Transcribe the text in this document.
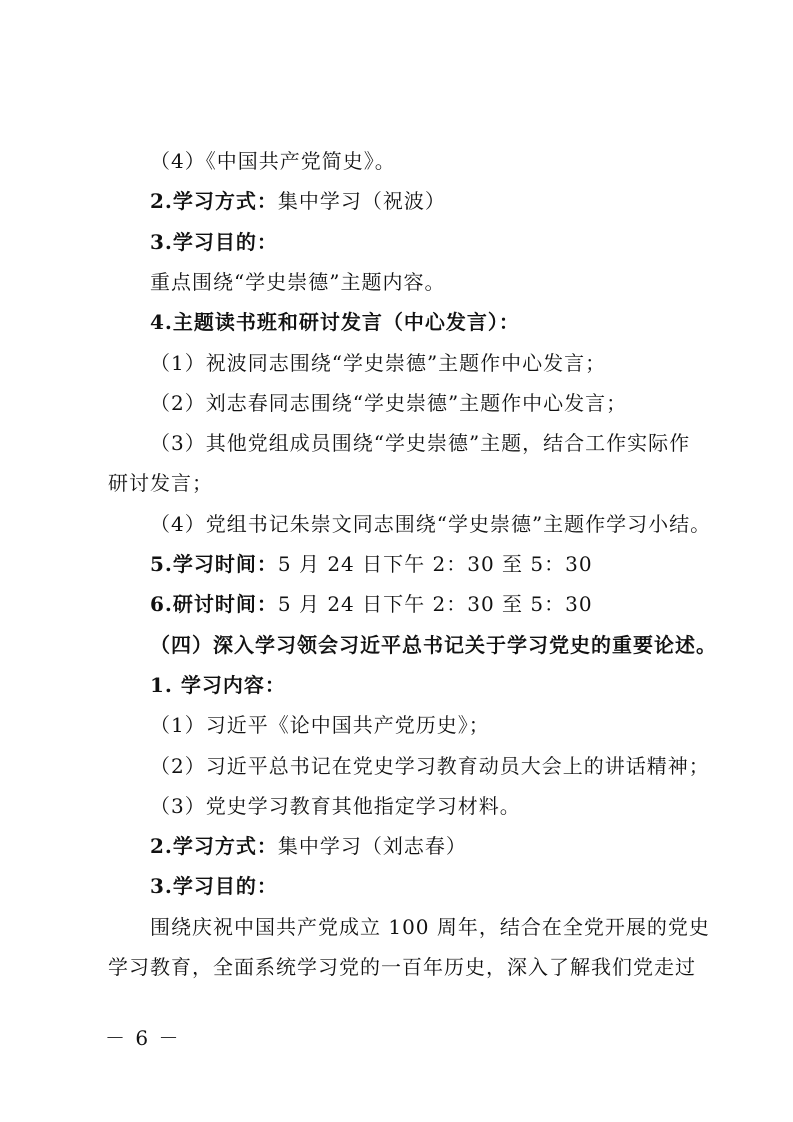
（4）《中国共产党简史》。
2.学习方式：集中学习（祝波）
3.学习目的：
重点围绕“学史崇德”主题内容。
4.主题读书班和研讨发言（中心发言）：
（1）祝波同志围绕“学史崇德”主题作中心发言；
（2）刘志春同志围绕“学史崇德”主题作中心发言；
（3）其他党组成员围绕“学史崇德”主题，结合工作实际作
研讨发言；
（4）党组书记朱崇文同志围绕“学史崇德”主题作学习小结。
5.学习时间：5 月 24 日下午 2：30 至 5：30
6.研讨时间：5 月 24 日下午 2：30 至 5：30
（四）深入学习领会习近平总书记关于学习党史的重要论述。
1. 学习内容：
（1）习近平《论中国共产党历史》；
（2）习近平总书记在党史学习教育动员大会上的讲话精神；
（3）党史学习教育其他指定学习材料。
2.学习方式：集中学习（刘志春）
3.学习目的：
围绕庆祝中国共产党成立 100 周年，结合在全党开展的党史
学习教育，全面系统学习党的一百年历史，深入了解我们党走过
－ 6 －
